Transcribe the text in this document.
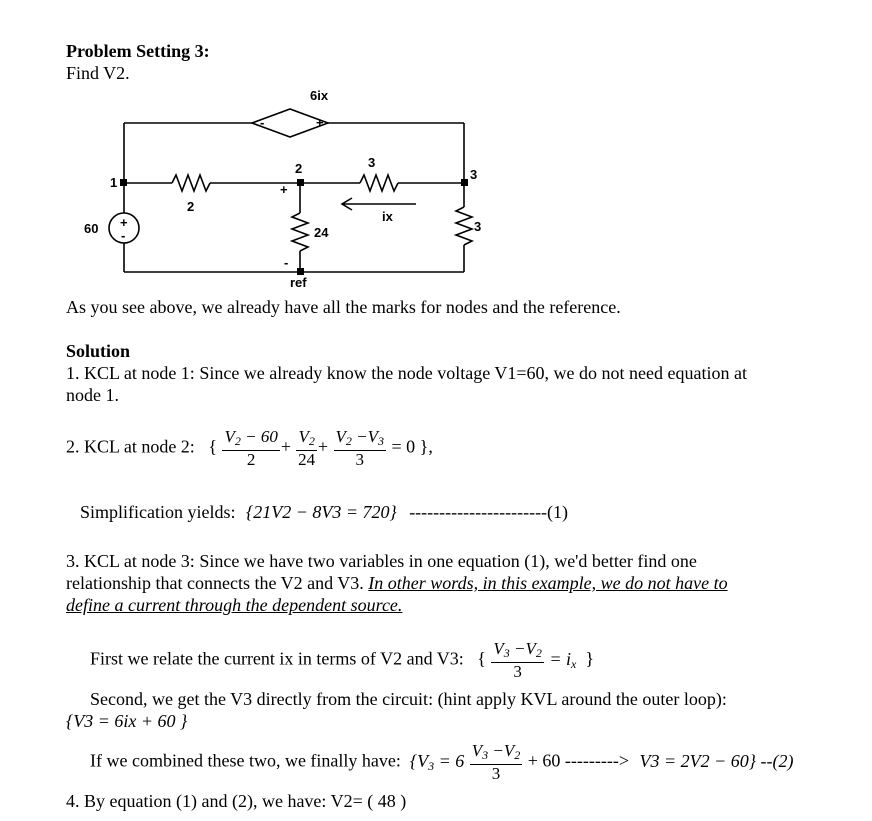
Problem Setting 3:
Find V2.
+
-
-	+
+
-
6ix
1
2	3
3
2
24	3
60
ix
ref
As you see above, we already have all the marks for nodes and the reference.
Solution
1. KCL at node 1: Since we already know the node voltage V1=60, we do not need equation at
node 1.
2. KCL at node 2:   { $\frac{V_2 - 60}{2} + \frac{V_2}{24} + \frac{V_2 -V_3}{3} = 0$ },
Simplification yields: {21V2 − 8V3 = 720} -----------------------(1)
3. KCL at node 3: Since we have two variables in one equation (1), we'd better find one
relationship that connects the V2 and V3. In other words, in this example, we do not have to
define a current through the dependent source.
First we relate the current ix in terms of V2 and V3:   { $\frac{V_3 -V_2}{3} = i_x$  }
Second, we get the V3 directly from the circuit: (hint apply KVL around the outer loop):
{V3 = 6ix + 60 }
If we combined these two, we finally have:  {$V_3 = 6 \frac{V_3 -V_2}{3} + 60$ ---------> V3 = 2V2 − 60} --(2)
4. By equation (1) and (2), we have: V2= ( 48 )
